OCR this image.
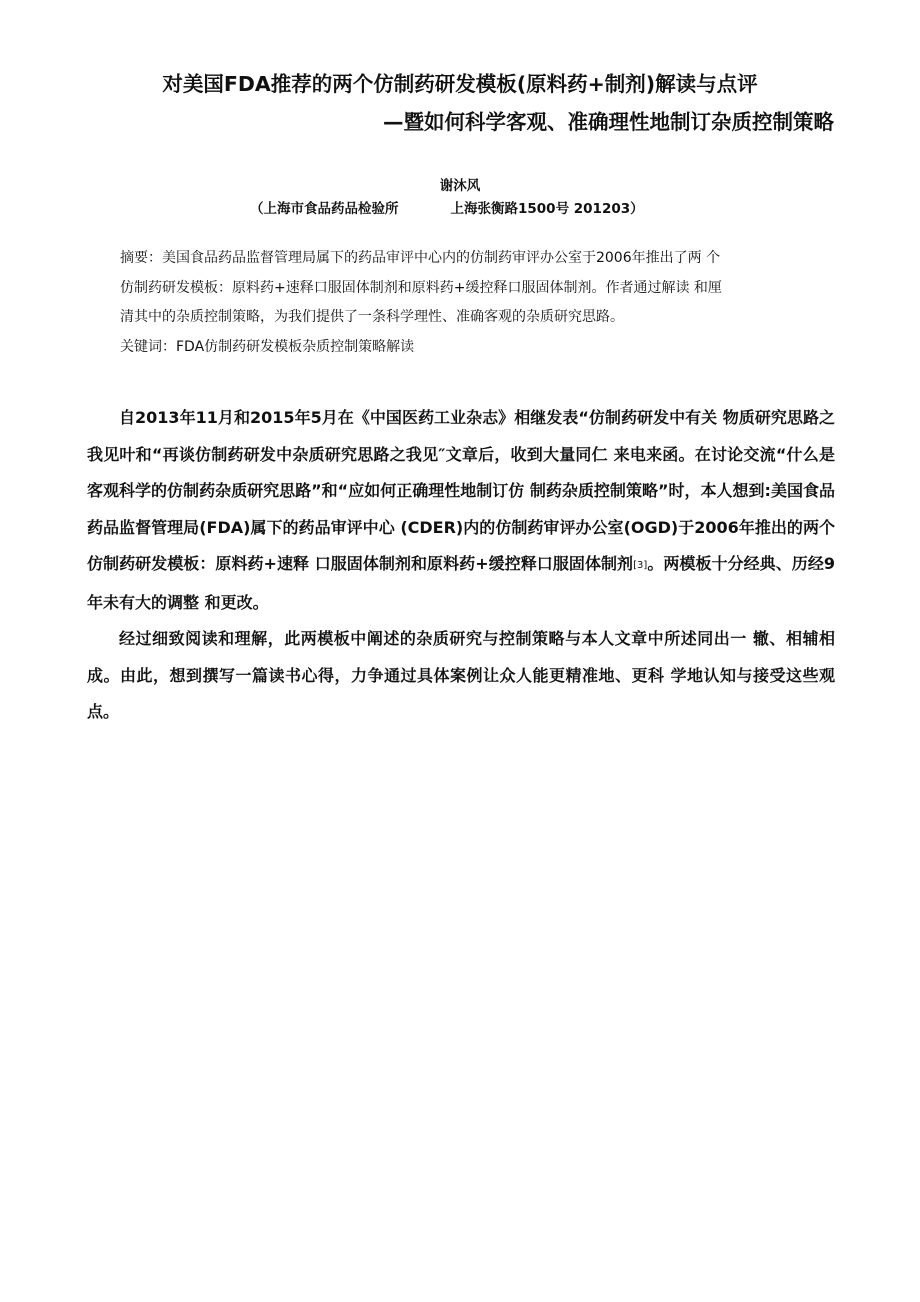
对美国FDA推荐的两个仿制药研发模板(原料药+制剂)解读与点评
—暨如何科学客观、准确理性地制订杂质控制策略
谢沐风
（上海市食品药品检验所	上海张衡路1500号 201203）

摘要：美国食品药品监督管理局属下的药品审评中心内的仿制药审评办公室于2006年推出了两 个

仿制药研发模板：原料药+速释口服固体制剂和原料药+缓控释口服固体制剂。作者通过解读 和厘

清其中的杂质控制策略，为我们提供了一条科学理性、准确客观的杂质研究思路。

关键词：FDA仿制药研发模板杂质控制策略解读

自2013年11月和2015年5月在《中国医药工业杂志》相继发表“仿制药研发中有关 物质研究思路之我见叶和“再谈仿制药研发中杂质研究思路之我见″文章后，收到大量同仁 来电来函。在讨论交流“什么是客观科学的仿制药杂质研究思路”和“应如何正确理性地制订仿 制药杂质控制策略”时，本人想到:美国食品药品监督管理局(FDA)属下的药品审评中心 (CDER)内的仿制药审评办公室(OGD)于2006年推出的两个仿制药研发模板：原料药+速释 口服固体制剂和原料药+缓控释口服固体制剂[3]。两模板十分经典、历经9年未有大的调整 和更改。

经过细致阅读和理解，此两模板中阐述的杂质研究与控制策略与本人文章中所述同出一 辙、相辅相成。由此，想到撰写一篇读书心得，力争通过具体案例让众人能更精准地、更科 学地认知与接受这些观点。
